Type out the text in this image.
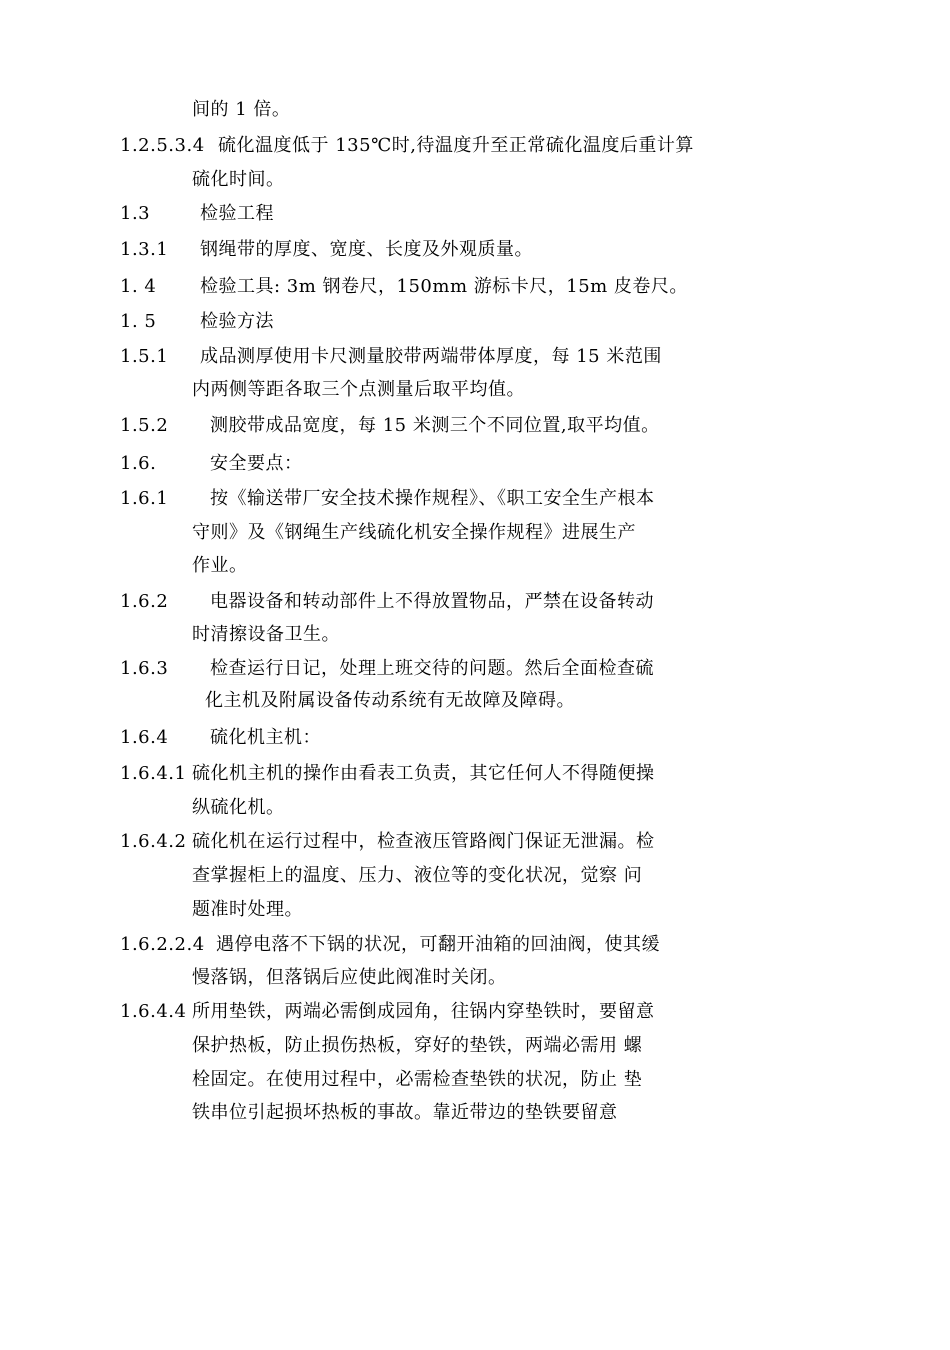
间的 1 倍。
1.2.5.3.4 硫化温度低于 135℃时,待温度升至正常硫化温度后重计算
硫化时间。
1.3	检验工程
1.3.1 钢绳带的厚度、宽度、长度及外观质量。
1. 4 检验工具: 3m 钢卷尺，150mm 游标卡尺，15m 皮卷尺。
1. 5 检验方法
1.5.1 成品测厚使用卡尺测量胶带两端带体厚度，每 15 米范围
内两侧等距各取三个点测量后取平均值。
1.5.2 测胶带成品宽度，每 15 米测三个不同位置,取平均值。
1.6.	安全要点：
1.6.1 按《输送带厂安全技术操作规程》、《职工安全生产根本
守则》及《钢绳生产线硫化机安全操作规程》进展生产
作业。
1.6.2 电器设备和转动部件上不得放置物品，严禁在设备转动
时清擦设备卫生。
1.6.3 检查运行日记，处理上班交待的问题。然后全面检查硫
化主机及附属设备传动系统有无故障及障碍。
1.6.4 硫化机主机：
1.6.4.1 硫化机主机的操作由看表工负责，其它任何人不得随便操
纵硫化机。
1.6.4.2 硫化机在运行过程中，检查液压管路阀门保证无泄漏。检
查掌握柜上的温度、压力、液位等的变化状况，觉察 问
题准时处理。
1.6.2.2.4 遇停电落不下锅的状况，可翻开油箱的回油阀，使其缓
慢落锅，但落锅后应使此阀准时关闭。
1.6.4.4 所用垫铁，两端必需倒成园角，往锅内穿垫铁时，要留意
保护热板，防止损伤热板，穿好的垫铁，两端必需用 螺
栓固定。在使用过程中，必需检查垫铁的状况，防止 垫
铁串位引起损坏热板的事故。靠近带边的垫铁要留意
